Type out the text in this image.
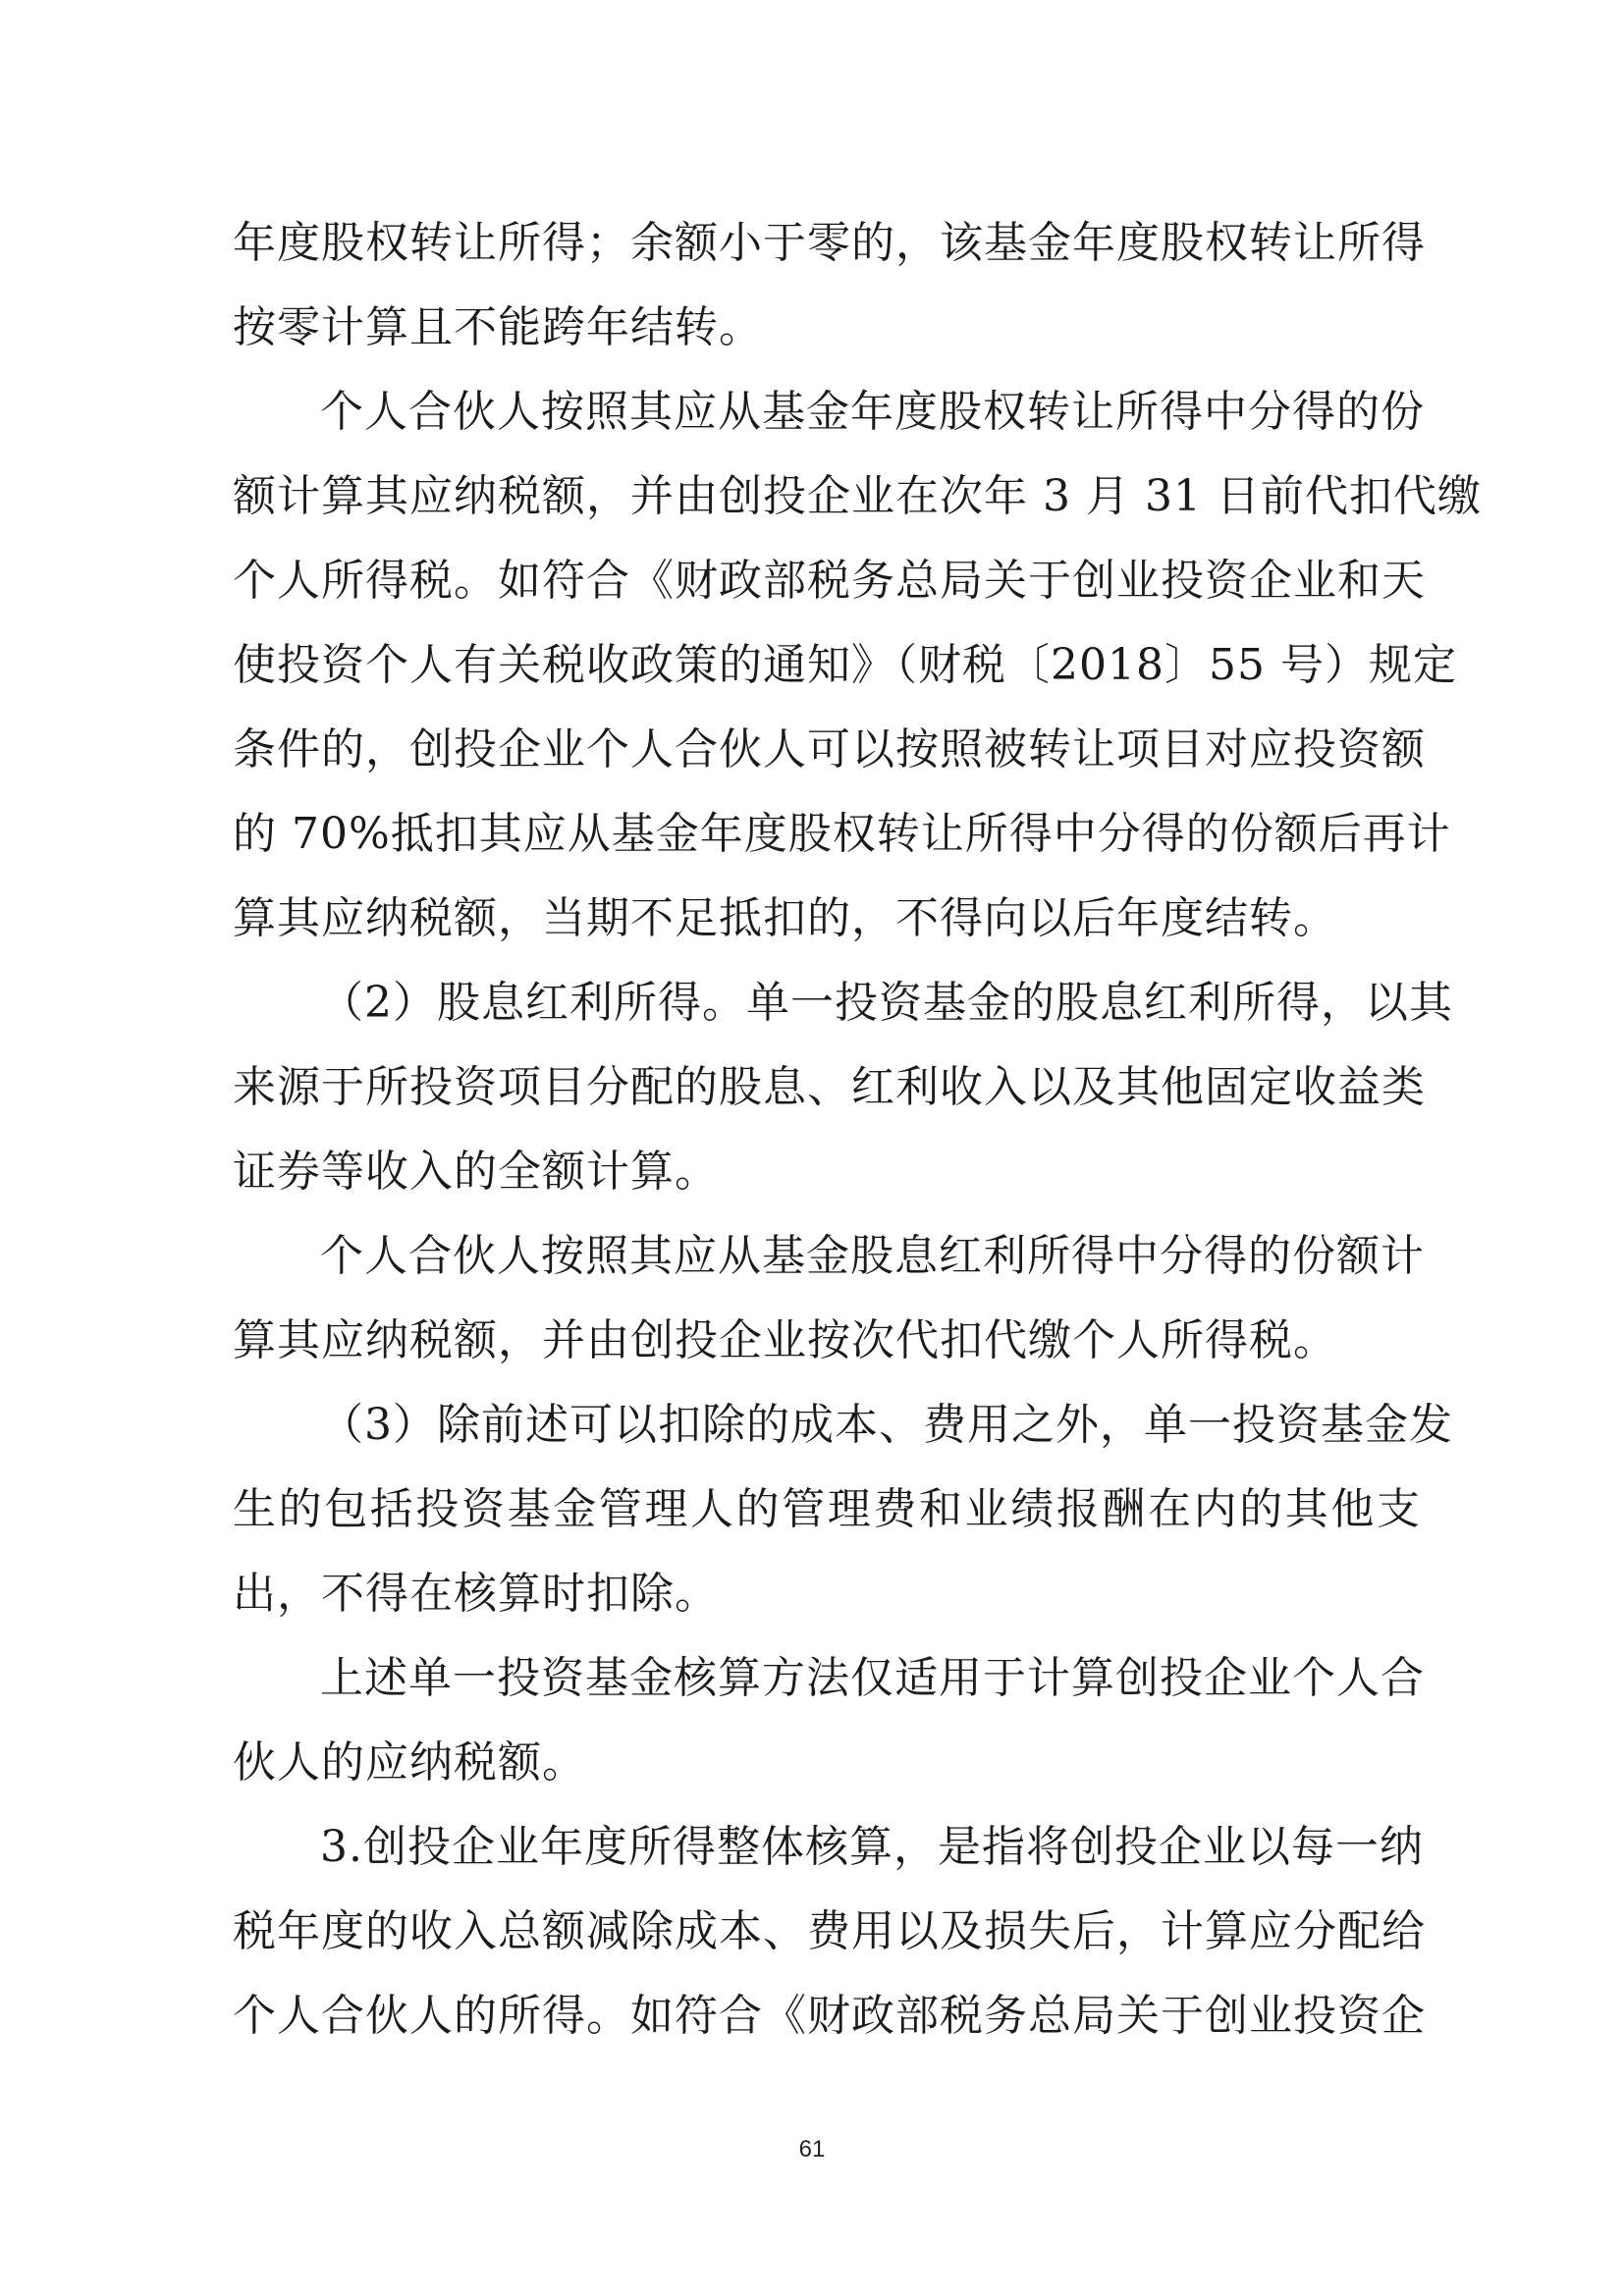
年度股权转让所得；余额小于零的，该基金年度股权转让所得
按零计算且不能跨年结转。
个人合伙人按照其应从基金年度股权转让所得中分得的份
额计算其应纳税额，并由创投企业在次年 3 月 31 日前代扣代缴
个人所得税。如符合《财政部税务总局关于创业投资企业和天
使投资个人有关税收政策的通知》（财税〔2018〕55 号）规定
条件的，创投企业个人合伙人可以按照被转让项目对应投资额
的 70%抵扣其应从基金年度股权转让所得中分得的份额后再计
算其应纳税额，当期不足抵扣的，不得向以后年度结转。
（2）股息红利所得。单一投资基金的股息红利所得，以其
来源于所投资项目分配的股息、红利收入以及其他固定收益类
证券等收入的全额计算。
个人合伙人按照其应从基金股息红利所得中分得的份额计
算其应纳税额，并由创投企业按次代扣代缴个人所得税。
（3）除前述可以扣除的成本、费用之外，单一投资基金发
生的包括投资基金管理人的管理费和业绩报酬在内的其他支
出，不得在核算时扣除。
上述单一投资基金核算方法仅适用于计算创投企业个人合
伙人的应纳税额。
3.创投企业年度所得整体核算，是指将创投企业以每一纳
税年度的收入总额减除成本、费用以及损失后，计算应分配给
个人合伙人的所得。如符合《财政部税务总局关于创业投资企
61
